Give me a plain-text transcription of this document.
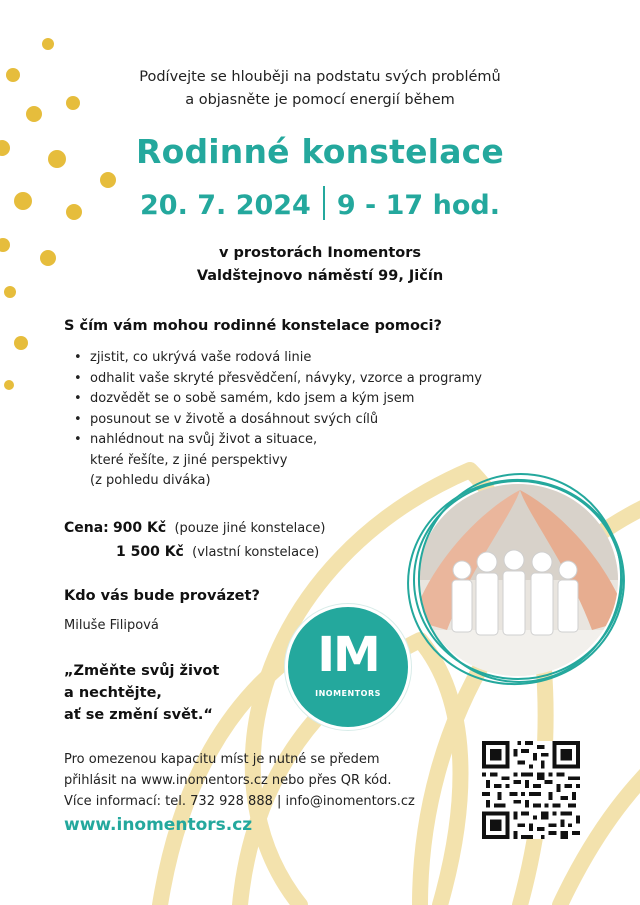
Podívejte se hlouběji na podstatu svých problémů
a objasněte je pomocí energií během
Rodinné konstelace
20. 7. 2024 9 - 17 hod.
v prostorách Inomentors
Valdštejnovo náměstí 99, Jičín
S čím vám mohou rodinné konstelace pomoci?
• zjistit, co ukrývá vaše rodová linie
• odhalit vaše skryté přesvědčení, návyky, vzorce a programy
• dozvědět se o sobě samém, kdo jsem a kým jsem
• posunout se v životě a dosáhnout svých cílů
• nahlédnout na svůj život a situace,
které řešíte, z jiné perspektivy
(z pohledu diváka)
Cena: 900 Kč (pouze jiné konstelace)
1 500 Kč (vlastní konstelace)
Kdo vás bude provázet?
Miluše Filipová
IM
INOMENTORS
„Změňte svůj život
a nechtějte,
ať se změní svět.“
Pro omezenou kapacitu míst je nutné se předem
přihlásit na www.inomentors.cz nebo přes QR kód.
Více informací: tel. 732 928 888 | info@inomentors.cz
www.inomentors.cz
